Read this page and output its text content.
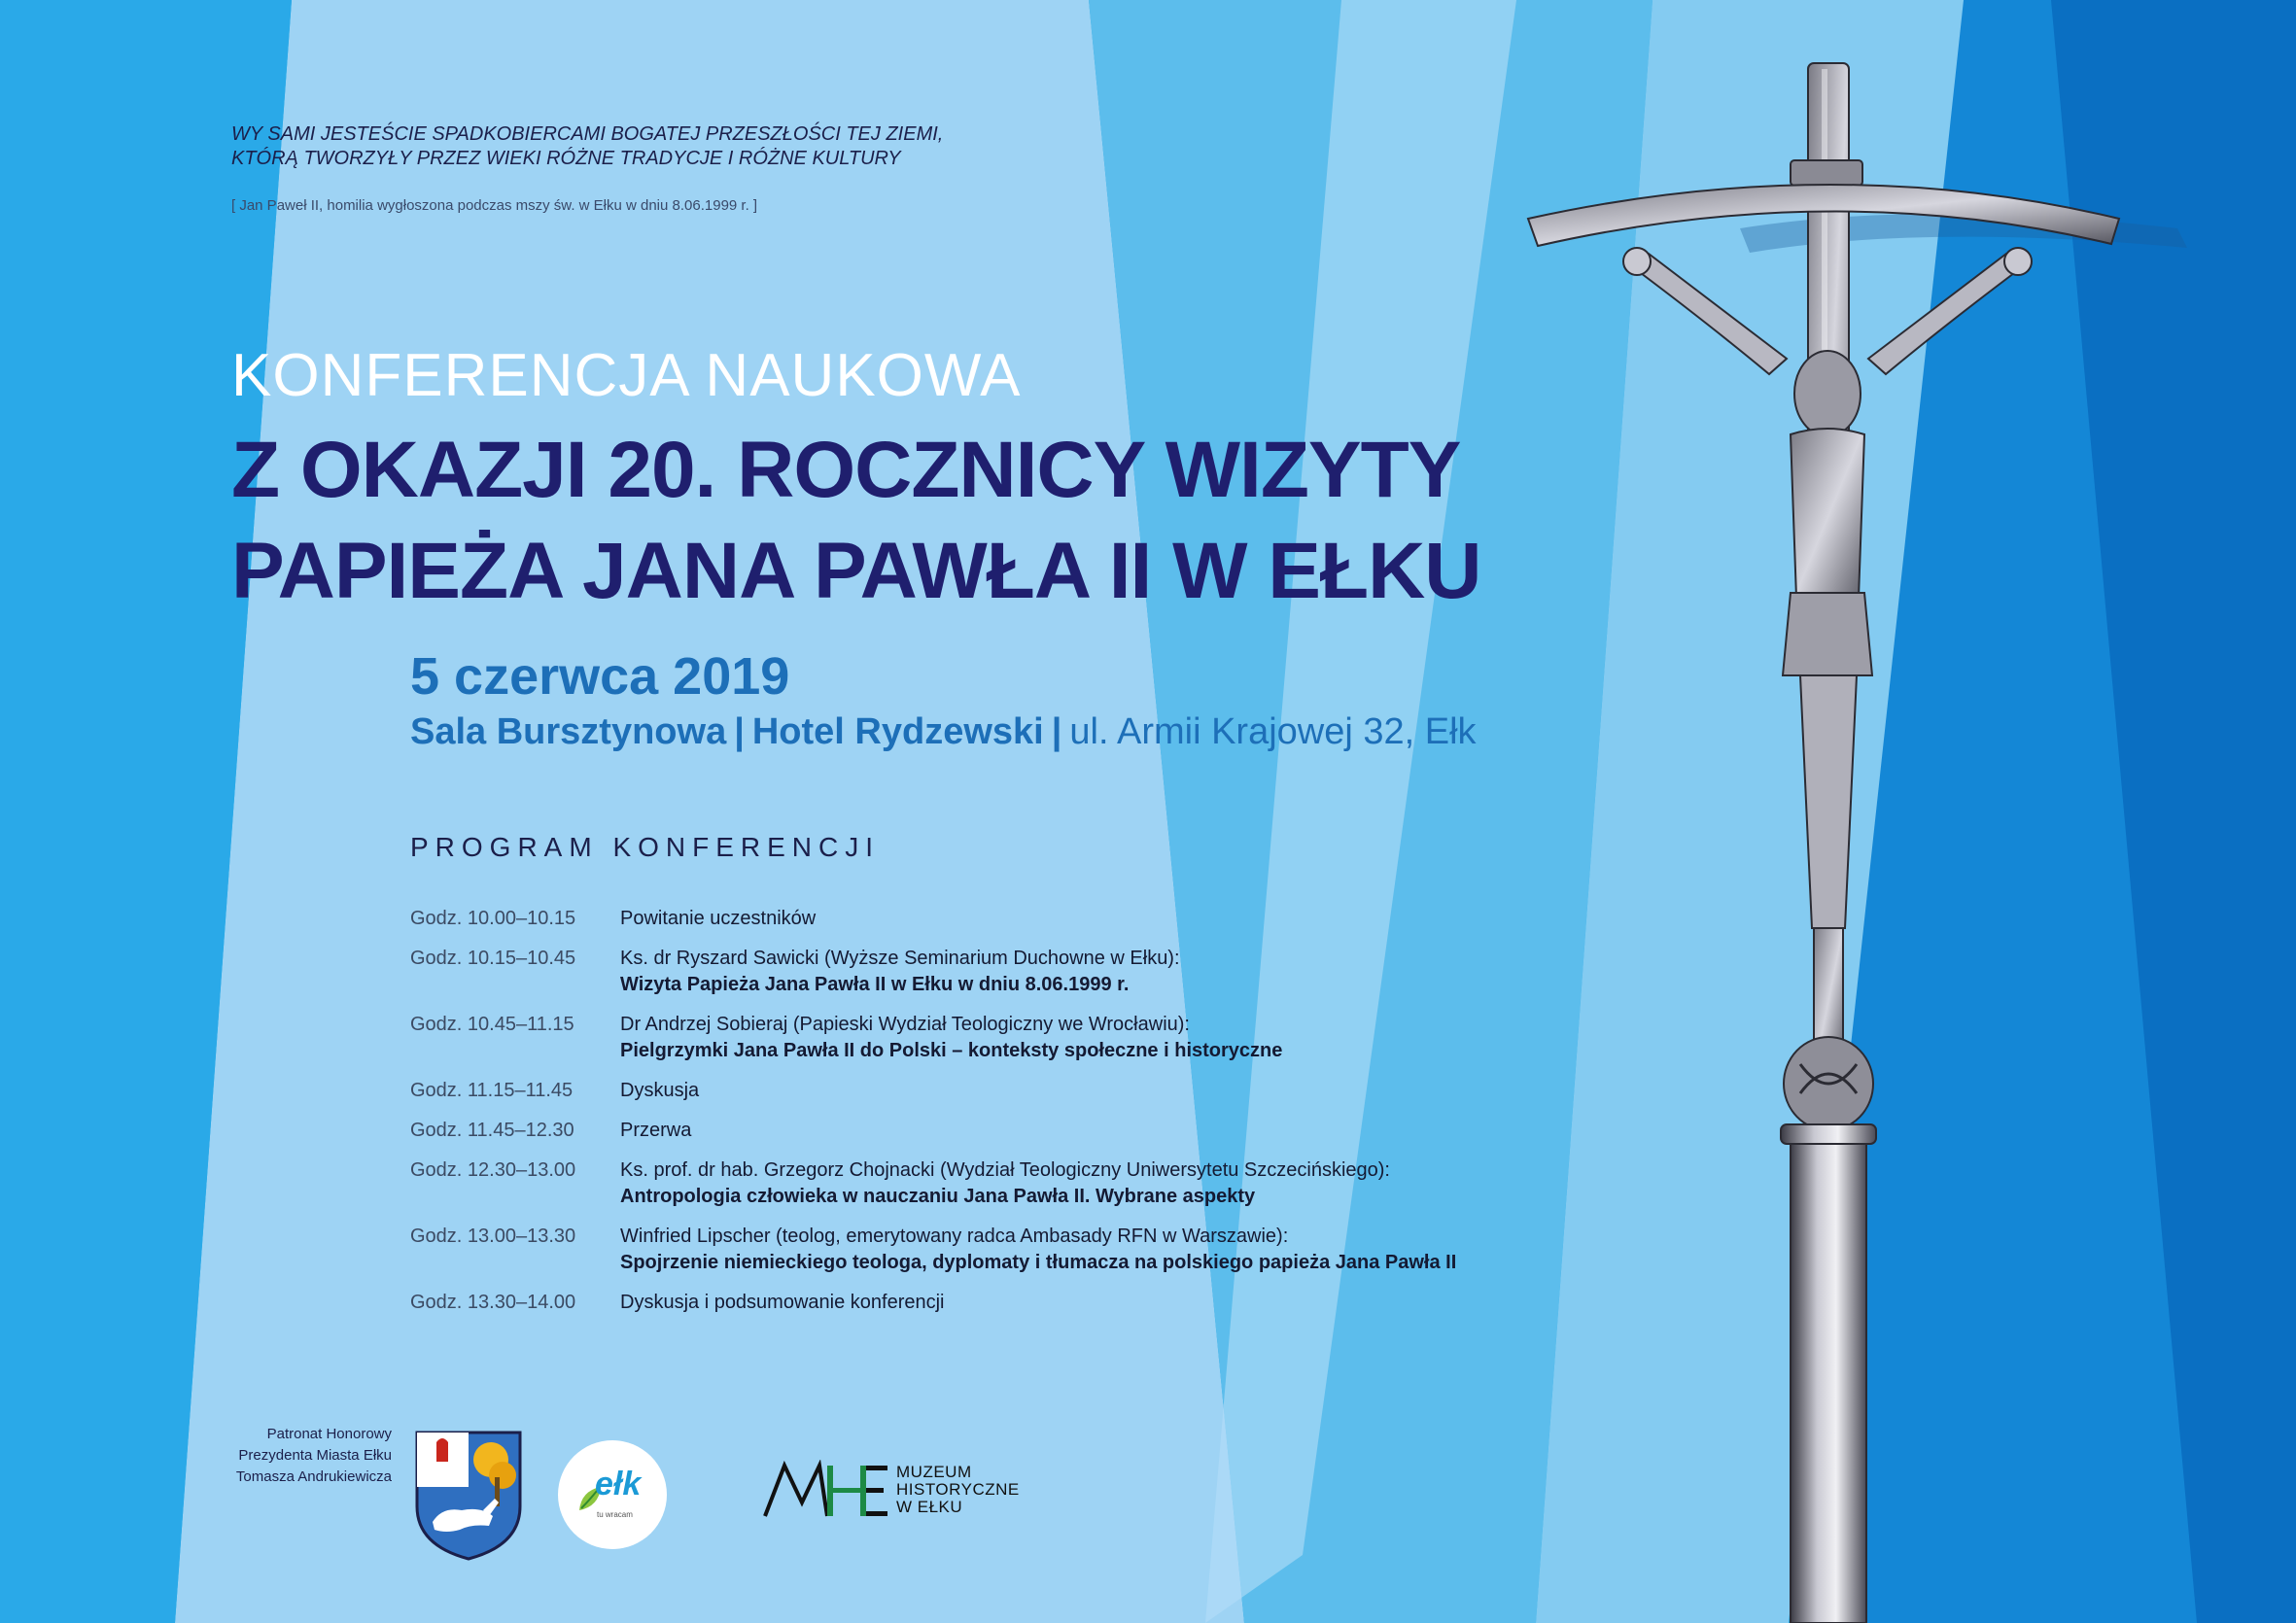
WY SAMI JESTEŚCIE SPADKOBIERCAMI BOGATEJ PRZESZŁOŚCI TEJ ZIEMI,
KTÓRĄ TWORZYŁY PRZEZ WIEKI RÓŻNE TRADYCJE I RÓŻNE KULTURY
[ Jan Paweł II, homilia wygłoszona podczas mszy św. w Ełku w dniu 8.06.1999 r. ]
KONFERENCJA NAUKOWA
Z OKAZJI 20. ROCZNICY WIZYTY
PAPIEŻA JANA PAWŁA II W EŁKU
5 czerwca 2019
Sala Bursztynowa | Hotel Rydzewski | ul. Armii Krajowej 32, Ełk
PROGRAM KONFERENCJI
Godz. 10.00–10.15	Powitanie uczestników
Godz. 10.15–10.45	Ks. dr Ryszard Sawicki (Wyższe Seminarium Duchowne w Ełku):
Wizyta Papieża Jana Pawła II w Ełku w dniu 8.06.1999 r.
Godz. 10.45–11.15	Dr Andrzej Sobieraj (Papieski Wydział Teologiczny we Wrocławiu):
Pielgrzymki Jana Pawła II do Polski – konteksty społeczne i historyczne
Godz. 11.15–11.45	Dyskusja
Godz. 11.45–12.30	Przerwa
Godz. 12.30–13.00	Ks. prof. dr hab. Grzegorz Chojnacki (Wydział Teologiczny Uniwersytetu Szczecińskiego):
Antropologia człowieka w nauczaniu Jana Pawła II. Wybrane aspekty
Godz. 13.00–13.30	Winfried Lipscher (teolog, emerytowany radca Ambasady RFN w Warszawie):
Spojrzenie niemieckiego teologa, dyplomaty i tłumacza na polskiego papieża Jana Pawła II
Godz. 13.30–14.00	Dyskusja i podsumowanie konferencji
Patronat Honorowy
Prezydenta Miasta Ełku
Tomasza Andrukiewicza	ełk
tu wracam
MUZEUM
HISTORYCZNE
W EŁKU
